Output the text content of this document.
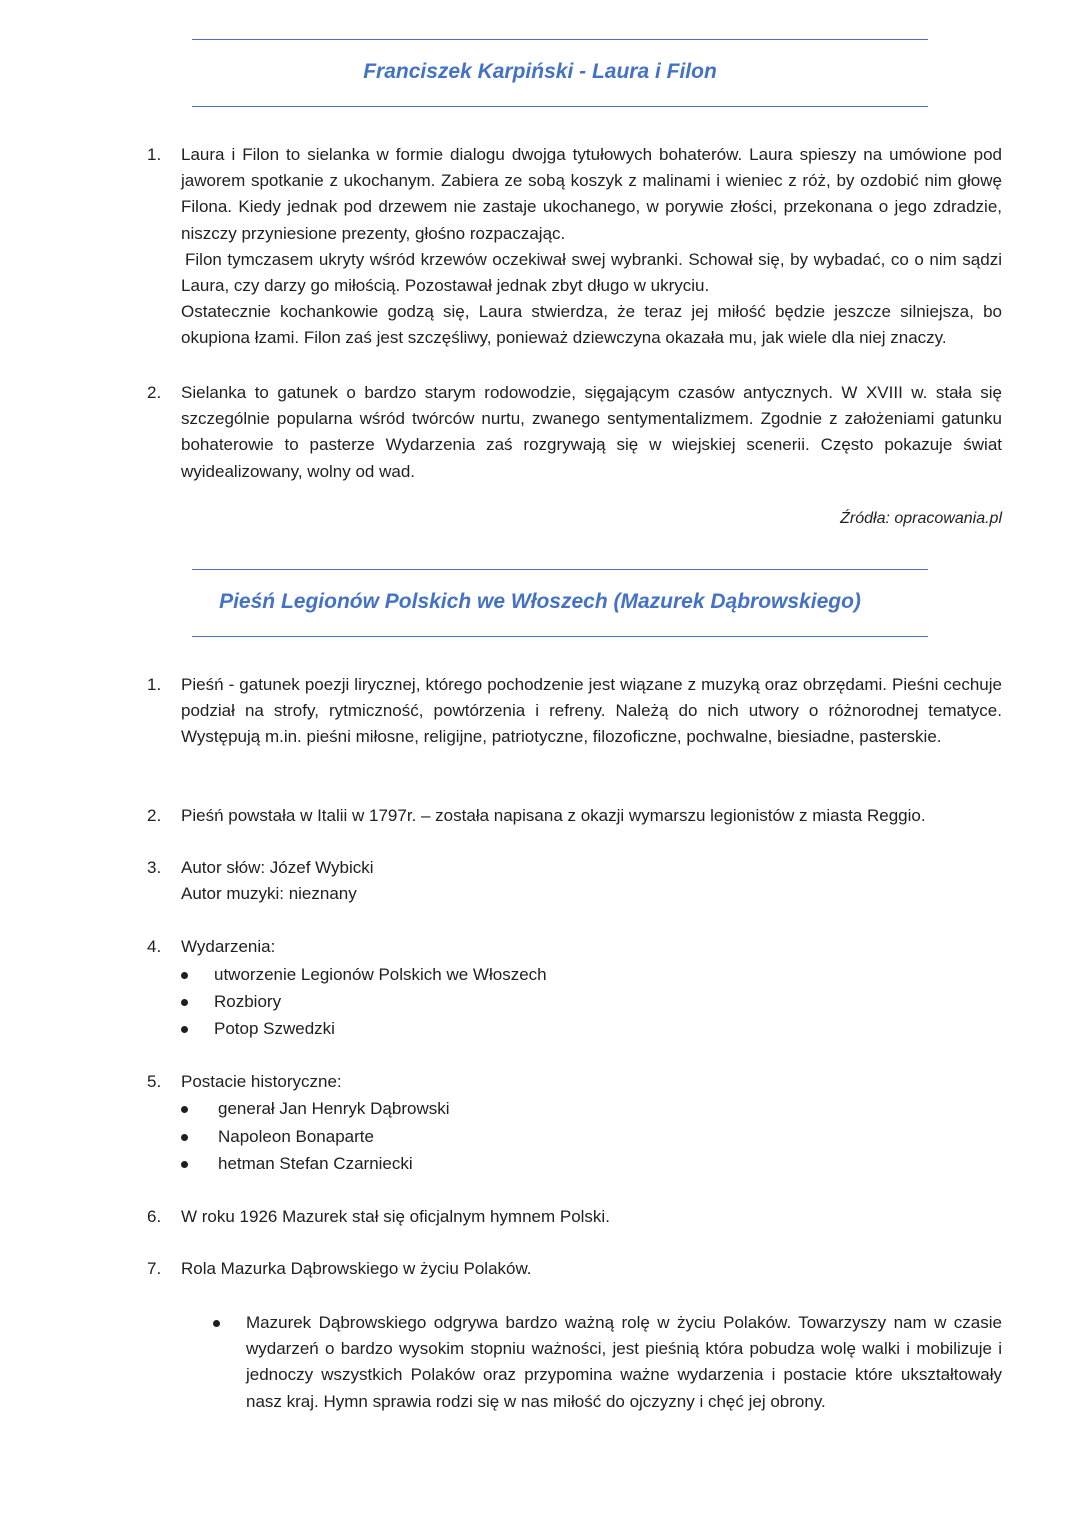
Franciszek Karpiński - Laura i Filon
1.	Laura i Filon to sielanka w formie dialogu dwojga tytułowych bohaterów. Laura spieszy na umówione pod jaworem spotkanie z ukochanym. Zabiera ze sobą koszyk z malinami i wieniec z róż, by ozdobić nim głowę Filona. Kiedy jednak pod drzewem nie zastaje ukochanego, w porywie złości, przekonana o jego zdradzie, niszczy przyniesione prezenty, głośno rozpaczając.

Filon tymczasem ukryty wśród krzewów oczekiwał swej wybranki. Schował się, by wybadać, co o nim sądzi Laura, czy darzy go miłością. Pozostawał jednak zbyt długo w ukryciu.

Ostatecznie kochankowie godzą się, Laura stwierdza, że teraz jej miłość będzie jeszcze silniejsza, bo okupiona łzami. Filon zaś jest szczęśliwy, ponieważ dziewczyna okazała mu, jak wiele dla niej znaczy.

2.	Sielanka to gatunek o bardzo starym rodowodzie, sięgającym czasów antycznych. W XVIII w. stała się szczególnie popularna wśród twórców nurtu, zwanego sentymentalizmem. Zgodnie z założeniami gatunku bohaterowie to pasterze Wydarzenia zaś rozgrywają się w wiejskiej scenerii. Często pokazuje świat wyidealizowany, wolny od wad.

Źródła: opracowania.pl
Pieśń Legionów Polskich we Włoszech (Mazurek Dąbrowskiego)
1.	Pieśń - gatunek poezji lirycznej, którego pochodzenie jest wiązane z muzyką oraz obrzędami. Pieśni cechuje podział na strofy, rytmiczność, powtórzenia i refreny. Należą do nich utwory o różnorodnej tematyce. Występują m.in. pieśni miłosne, religijne, patriotyczne, filozoficzne, pochwalne, biesiadne, pasterskie.

2.	Pieśń powstała w Italii w 1797r. – została napisana z okazji wymarszu legionistów z miasta Reggio.

3.	Autor słów: Józef Wybicki

Autor muzyki: nieznany

4.	Wydarzenia:

utworzenie Legionów Polskich we Włoszech
Rozbiory
Potop Szwedzki
5.	Postacie historyczne:

generał Jan Henryk Dąbrowski
Napoleon Bonaparte
hetman Stefan Czarniecki
6.	W roku 1926 Mazurek stał się oficjalnym hymnem Polski.

7.	Rola Mazurka Dąbrowskiego w życiu Polaków.

Mazurek Dąbrowskiego odgrywa bardzo ważną rolę w życiu Polaków. Towarzyszy nam w czasie wydarzeń o bardzo wysokim stopniu ważności, jest pieśnią która pobudza wolę walki i mobilizuje i jednoczy wszystkich Polaków oraz przypomina ważne wydarzenia i postacie które ukształtowały nasz kraj. Hymn sprawia rodzi się w nas miłość do ojczyzny i chęć jej obrony.
